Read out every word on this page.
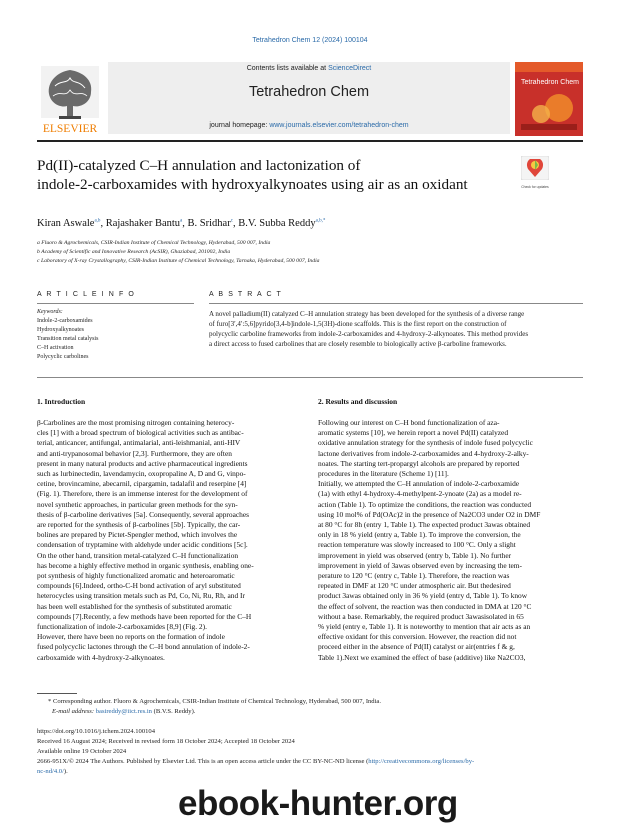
Tetrahedron Chem 12 (2024) 100104
ELSEVIER
Contents lists available at ScienceDirect
Tetrahedron Chem
journal homepage: www.journals.elsevier.com/tetrahedron-chem
Tetrahedron Chem
Pd(II)-catalyzed C–H annulation and lactonization of
indole-2-carboxamides with hydroxyalkynoates using air as an oxidant	Check for updates
Kiran Aswale$^{a,b}$, Rajashaker Bantu$^a$, B. Sridhar$^c$, B.V. Subba Reddy$^{a,b,*}$
a Fluoro & Agrochemicals, CSIR-Indian Institute of Chemical Technology, Hyderabad, 500 007, India
b Academy of Scientific and Innovative Research (AcSIR), Ghaziabad, 201002, India
c Laboratory of X-ray Crystallography, CSIR-Indian Institute of Chemical Technology, Tarnaka, Hyderabad, 500 007, India
A R T I C L E I N F O	A B S T R A C T
Keywords:
Indole-2-carboxamides
Hydroxyalkynoates
Transition metal catalysis
C–H activation
Polycyclic carbolines
A novel palladium(II) catalyzed C–H annulation strategy has been developed for the synthesis of a diverse range
of furo[3′,4′:5,6]pyrido[3,4-b]indole-1,5(3H)-dione scaffolds. This is the first report on the construction of
polycyclic carboline frameworks from indole-2-carboxamides and 4-hydroxy-2-alkynoates. This method provides
a direct access to fused carbolines that are closely resemble to biologically active β-carboline frameworks.
1. Introduction	2. Results and discussion
β-Carbolines are the most promising nitrogen containing heterocy-
cles [1] with a broad spectrum of biological activities such as antibac-
terial, anticancer, antifungal, antimalarial, anti-leishmanial, anti-HIV
and anti-trypanosomal behavior [2,3]. Furthermore, they are often
present in many natural products and active pharmaceutical ingredients
such as lurbinectedin, lavendamycin, oxopropaline A, D and G, vinpo-
cetine, brovincamine, abecarnil, cipargamin, tadalafil and reserpine [4]
(Fig. 1). Therefore, there is an immense interest for the development of
novel synthetic approaches, in particular green methods for the syn-
thesis of β-carboline derivatives [5a]. Consequently, several approaches
are reported for the synthesis of β-carbolines [5b]. Typically, the car-
bolines are prepared by Pictet-Spengler method, which involves the
condensation of tryptamine with aldehyde under acidic conditions [5c].
On the other hand, transition metal-catalyzed C–H functionalization
has become a highly effective method in organic synthesis, enabling one-
pot synthesis of highly functionalized aromatic and heteroaromatic
compounds [6].Indeed, ortho-C-H bond activation of aryl substituted
heterocycles using transition metals such as Pd, Co, Ni, Ru, Rh, and Ir
has been well established for the synthesis of substituted aromatic
compounds [7].Recently, a few methods have been reported for the C–H
functionalization of indole-2-carboxamides [8,9] (Fig. 2).
However, there have been no reports on the formation of indole
fused polycyclic lactones through the C–H bond annulation of indole-2-
carboxamide with 4-hydroxy-2-alkynoates.
Following our interest on C–H bond functionalization of aza-
aromatic systems [10], we herein report a novel Pd(II) catalyzed
oxidative annulation strategy for the synthesis of indole fused polycyclic
lactone derivatives from indole-2-carboxamides and 4-hydroxy-2-alky-
noates. The starting tert-propargyl alcohols are prepared by reported
procedures in the literature (Scheme 1) [11].
Initially, we attempted the C–H annulation of indole-2-carboxamide
(1a) with ethyl 4-hydroxy-4-methylpent-2-ynoate (2a) as a model re-
action (Table 1). To optimize the conditions, the reaction was conducted
using 10 mol% of Pd(OAc)2 in the presence of Na2CO3 under O2 in DMF
at 80 °C for 8h (entry 1, Table 1). The expected product 3awas obtained
only in 18 % yield (entry a, Table 1). To improve the conversion, the
reaction temperature was slowly increased to 100 °C. Only a slight
improvement in yield was observed (entry b, Table 1). No further
improvement in yield of 3awas observed even by increasing the tem-
perature to 120 °C (entry c, Table 1). Therefore, the reaction was
repeated in DMF at 120 °C under atmospheric air. But thedesired
product 3awas obtained only in 36 % yield (entry d, Table 1). To know
the effect of solvent, the reaction was then conducted in DMA at 120 °C
without a base. Remarkably, the required product 3awasisolated in 65
% yield (entry e, Table 1). It is noteworthy to mention that air acts as an
effective oxidant for this conversion. However, the reaction did not
proceed either in the absence of Pd(II) catalyst or air(entries f & g,
Table 1).Next we examined the effect of base (additive) like Na2CO3,
* Corresponding author. Fluoro & Agrochemicals, CSIR-Indian Institute of Chemical Technology, Hyderabad, 500 007, India.
E-mail address: basireddy@iict.res.in (B.V.S. Reddy).
https://doi.org/10.1016/j.tchem.2024.100104
Received 16 August 2024; Received in revised form 18 October 2024; Accepted 18 October 2024
Available online 19 October 2024
2666-951X/© 2024 The Authors. Published by Elsevier Ltd. This is an open access article under the CC BY-NC-ND license (http://creativecommons.org/licenses/by-
nc-nd/4.0/).
ebook-hunter.org
